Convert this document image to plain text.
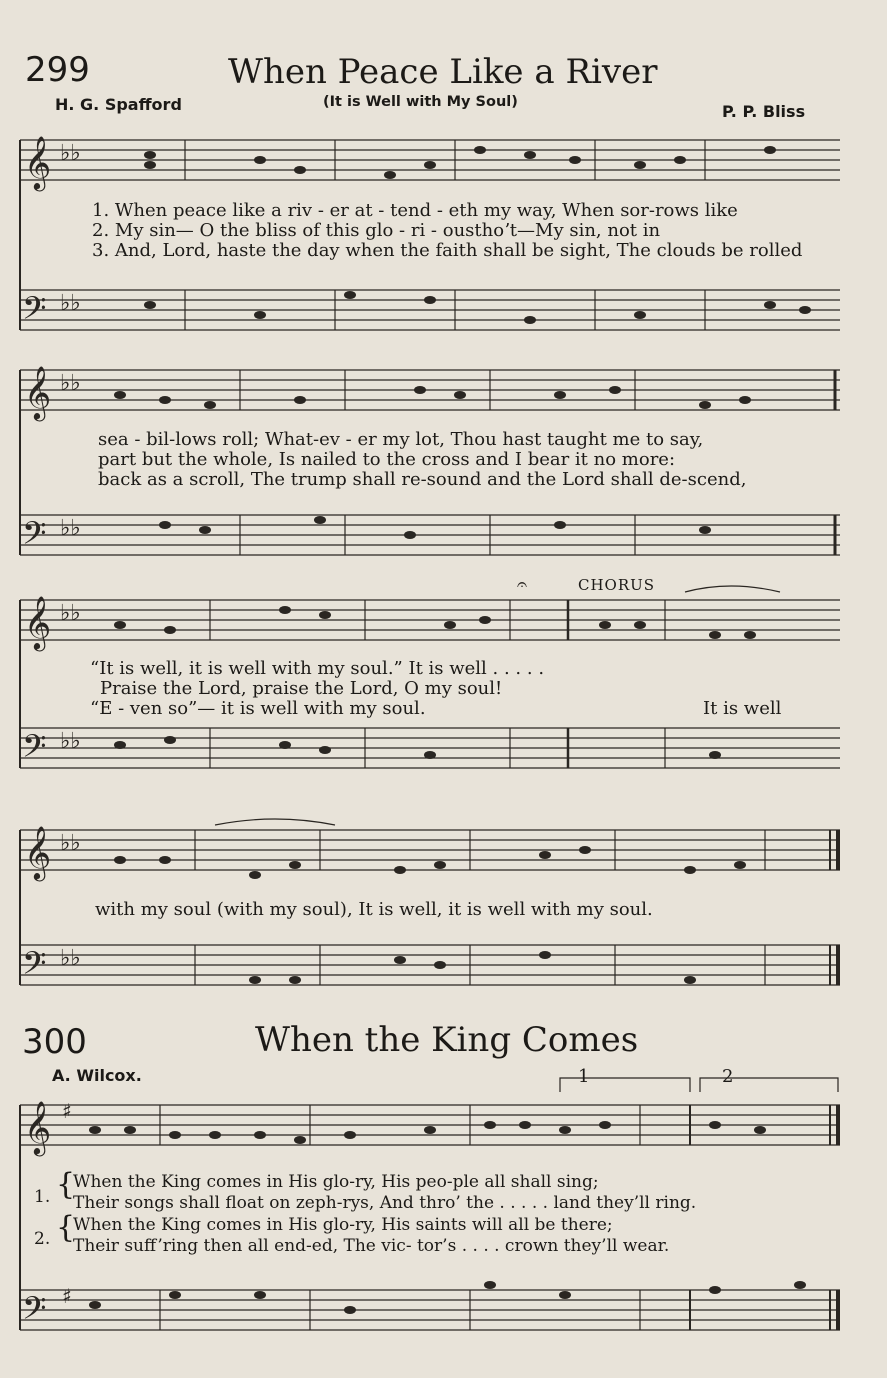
299	When Peace Like a River
H. G. Spafford	(It is Well with My Soul)	P. P. Bliss
𝄞
𝄢
♭♭
♭♭
1. When peace like a riv - er at - tend - eth my way, When sor-rows like
2. My sin— O the bliss of this glo - ri - ousthoʼt—My sin, not in
3. And, Lord, haste the day when the faith shall be sight, The clouds be rolled
𝄞
𝄢
♭♭
♭♭
sea - bil-lows roll; What-ev - er my lot, Thou hast taught me to say,
part but the whole, Is nailed to the cross and I bear it no more:
back as a scroll, The trump shall re-sound and the Lord shall de-scend,
𝄞
𝄢
♭♭
♭♭
𝄐	CHORUS
“It is well, it is well with my soul.” It is well . . . . .
Praise the Lord, praise the Lord, O my soul!
“E - ven so”— it is well with my soul.	It is well
𝄞
𝄢
♭♭
♭♭
with my soul (with my soul), It is well, it is well with my soul.
300	When the King Comes
A. Wilcox.
𝄞
𝄢
♯
♯
1	2
1. {
When the King comes in His glo-ry, His peo-ple all shall sing;
Their songs shall float on zeph-rys, And thro’ the . . . . . land they’ll ring.
2. {
When the King comes in His glo-ry, His saints will all be there;
Their suff’ring then all end-ed, The vic- tor’s . . . . crown they’ll wear.
